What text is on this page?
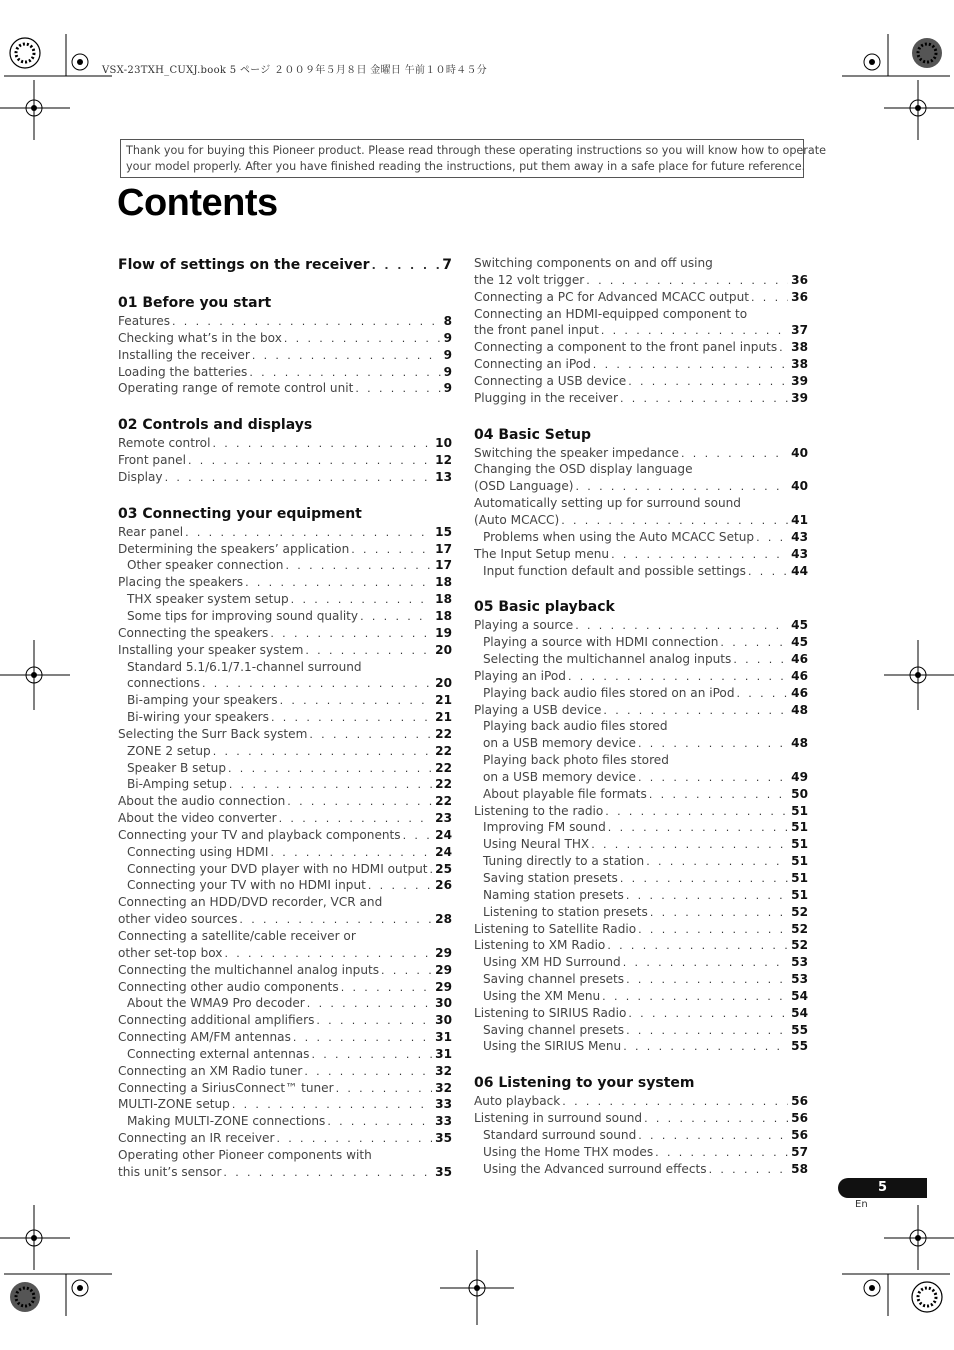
VSX-23TXH_CUXJ.book 5 ページ ２００９年５月８日 金曜日 午前１０時４５分
Thank you for buying this Pioneer product. Please read through these operating instructions so you will know how to operate
your model properly. After you have finished reading the instructions, put them away in a safe place for future reference.
Contents
Flow of settings on the receiver . . .	7
01 Before you start
Features . . .	8
Checking what’s in the box . . .	9
Installing the receiver . . .	9
Loading the batteries . . .	9
Operating range of remote control unit . . .	9
02 Controls and displays
Remote control . . .	10
Front panel . . .	12
Display . . .	13
03 Connecting your equipment
Rear panel . . .	15
Determining the speakers’ application . . .	17
Other speaker connection . . .	17
Placing the speakers . . .	18
THX speaker system setup . . .	18
Some tips for improving sound quality . . .	18
Connecting the speakers . . .	19
Installing your speaker system . . .	20
Standard 5.1/6.1/7.1-channel surround
connections . . .	20
Bi-amping your speakers . . .	21
Bi-wiring your speakers . . .	21
Selecting the Surr Back system . . .	22
ZONE 2 setup . . .	22
Speaker B setup . . .	22
Bi-Amping setup . . .	22
About the audio connection . . .	22
About the video converter . . .	23
Connecting your TV and playback components . . .	24
Connecting using HDMI . . .	24
Connecting your DVD player with no HDMI output . . . 25
Connecting your TV with no HDMI input . . .	26
Connecting an HDD/DVD recorder, VCR and
other video sources . . .	28
Connecting a satellite/cable receiver or
other set-top box . . .	29
Connecting the multichannel analog inputs . . .	29
Connecting other audio components . . .	29
About the WMA9 Pro decoder . . .	30
Connecting additional amplifiers . . .	30
Connecting AM/FM antennas . . .	31
Connecting external antennas . . .	31
Connecting an XM Radio tuner . . .	32
Connecting a SiriusConnect™ tuner . . .	32
MULTI-ZONE setup . . .	33
Making MULTI-ZONE connections . . .	33
Connecting an IR receiver . . .	35
Operating other Pioneer components with
this unit’s sensor . . .	35
Switching components on and off using
the 12 volt trigger . . .	36
Connecting a PC for Advanced MCACC output . . .	36
Connecting an HDMI-equipped component to
the front panel input . . .	37
Connecting a component to the front panel inputs . . . 38
Connecting an iPod . . .	38
Connecting a USB device . . .	39
Plugging in the receiver . . .	39
04 Basic Setup
Switching the speaker impedance . . .	40
Changing the OSD display language
(OSD Language) . . .	40
Automatically setting up for surround sound
(Auto MCACC) . . .	41
Problems when using the Auto MCACC Setup . . .	43
The Input Setup menu . . .	43
Input function default and possible settings . . .	44
05 Basic playback
Playing a source . . .	45
Playing a source with HDMI connection . . .	45
Selecting the multichannel analog inputs . . .	46
Playing an iPod . . .	46
Playing back audio files stored on an iPod . . .	46
Playing a USB device . . .	48
Playing back audio files stored
on a USB memory device . . .	48
Playing back photo files stored
on a USB memory device . . .	49
About playable file formats . . .	50
Listening to the radio . . .	51
Improving FM sound . . .	51
Using Neural THX . . .	51
Tuning directly to a station . . .	51
Saving station presets . . .	51
Naming station presets . . .	51
Listening to station presets . . .	52
Listening to Satellite Radio . . .	52
Listening to XM Radio . . .	52
Using XM HD Surround . . .	53
Saving channel presets . . .	53
Using the XM Menu . . .	54
Listening to SIRIUS Radio . . .	54
Saving channel presets . . .	55
Using the SIRIUS Menu . . .	55
06 Listening to your system
Auto playback . . .	56
Listening in surround sound . . .	56
Standard surround sound . . .	56
Using the Home THX modes . . .	57
Using the Advanced surround effects . . .	58
5
En
